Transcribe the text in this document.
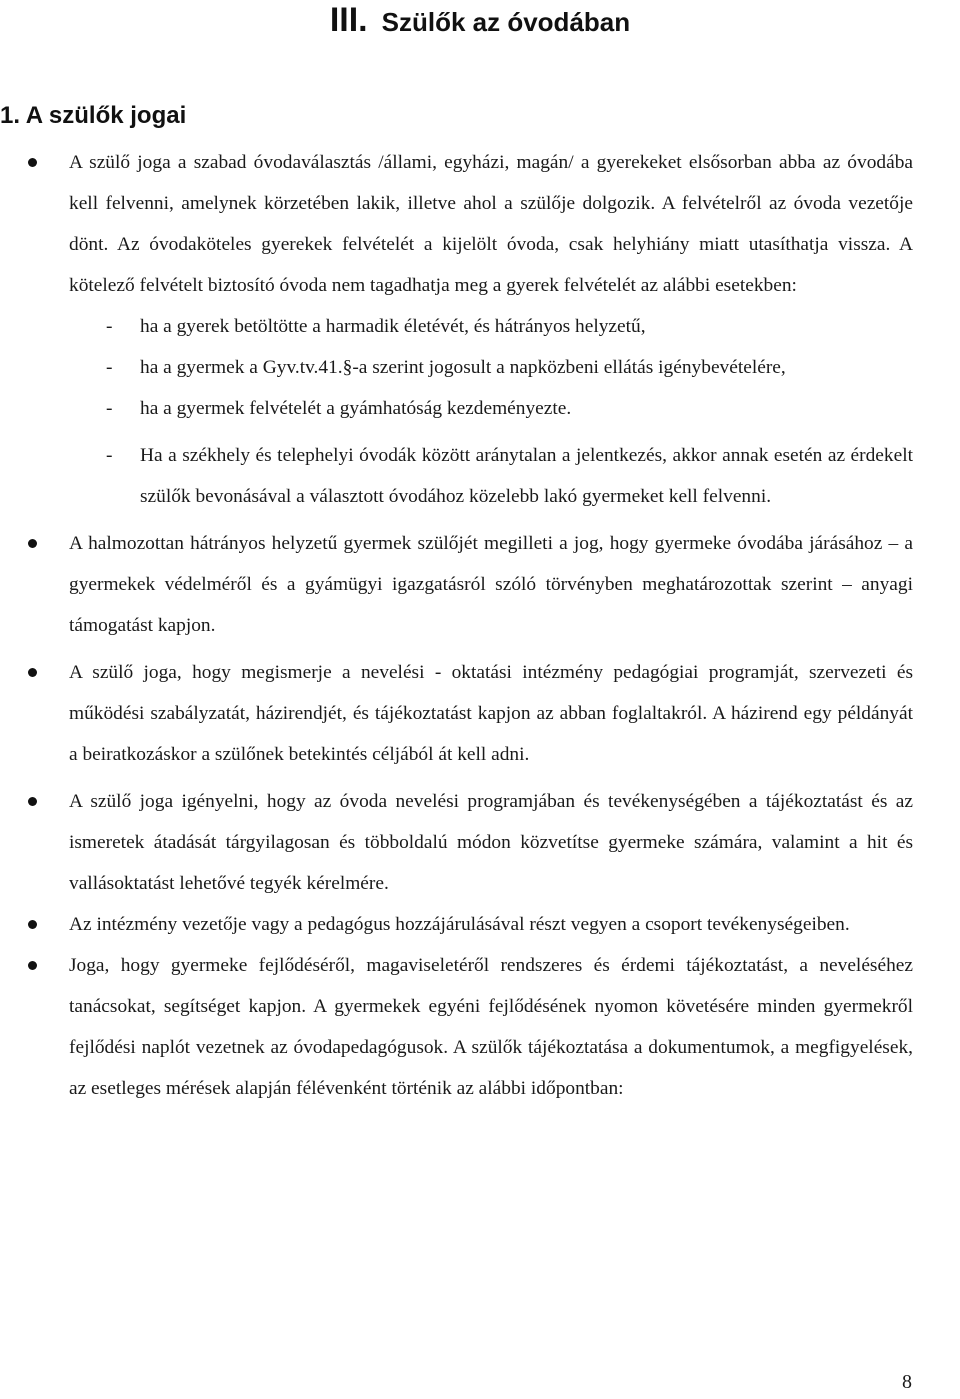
III. Szülők az óvodában
1. A szülők jogai

A szülő joga a szabad óvodaválasztás /állami, egyházi, magán/ a gyerekeket elsősorban abba az óvodába kell felvenni, amelynek körzetében lakik, illetve ahol a szülője dolgozik. A felvételről az óvoda vezetője dönt. Az óvodaköteles gyerekek felvételét a kijelölt óvoda, csak helyhiány miatt utasíthatja vissza. A kötelező felvételt biztosító óvoda nem tagadhatja meg a gyerek felvételét az alábbi esetekben:

- ha a gyerek betöltötte a harmadik életévét, és hátrányos helyzetű,
- ha a gyermek a Gyv.tv.41.§-a szerint jogosult a napközbeni ellátás igénybevételére,
- ha a gyermek felvételét a gyámhatóság kezdeményezte.
- Ha a székhely és telephelyi óvodák között aránytalan a jelentkezés, akkor annak esetén az érdekelt szülők bevonásával a választott óvodához közelebb lakó gyermeket kell felvenni.

A halmozottan hátrányos helyzetű gyermek szülőjét megilleti a jog, hogy gyermeke óvodába járásához – a gyermekek védelméről és a gyámügyi igazgatásról szóló törvényben meghatározottak szerint – anyagi támogatást kapjon.

A szülő joga, hogy megismerje a nevelési - oktatási intézmény pedagógiai programját, szervezeti és működési szabályzatát, házirendjét, és tájékoztatást kapjon az abban foglaltakról. A házirend egy példányát a beiratkozáskor a szülőnek betekintés céljából át kell adni.

A szülő joga igényelni, hogy az óvoda nevelési programjában és tevékenységében a tájékoztatást és az ismeretek átadását tárgyilagosan és többoldalú módon közvetítse gyermeke számára, valamint a hit és vallásoktatást lehetővé tegyék kérelmére.

Az intézmény vezetője vagy a pedagógus hozzájárulásával részt vegyen a csoport tevékenységeiben.

Joga, hogy gyermeke fejlődéséről, magaviseletéről rendszeres és érdemi tájékoztatást, a neveléséhez tanácsokat, segítséget kapjon. A gyermekek egyéni fejlődésének nyomon követésére minden gyermekről fejlődési naplót vezetnek az óvodapedagógusok. A szülők tájékoztatása a dokumentumok, a megfigyelések, az esetleges mérések alapján félévenként történik az alábbi időpontban:

8
